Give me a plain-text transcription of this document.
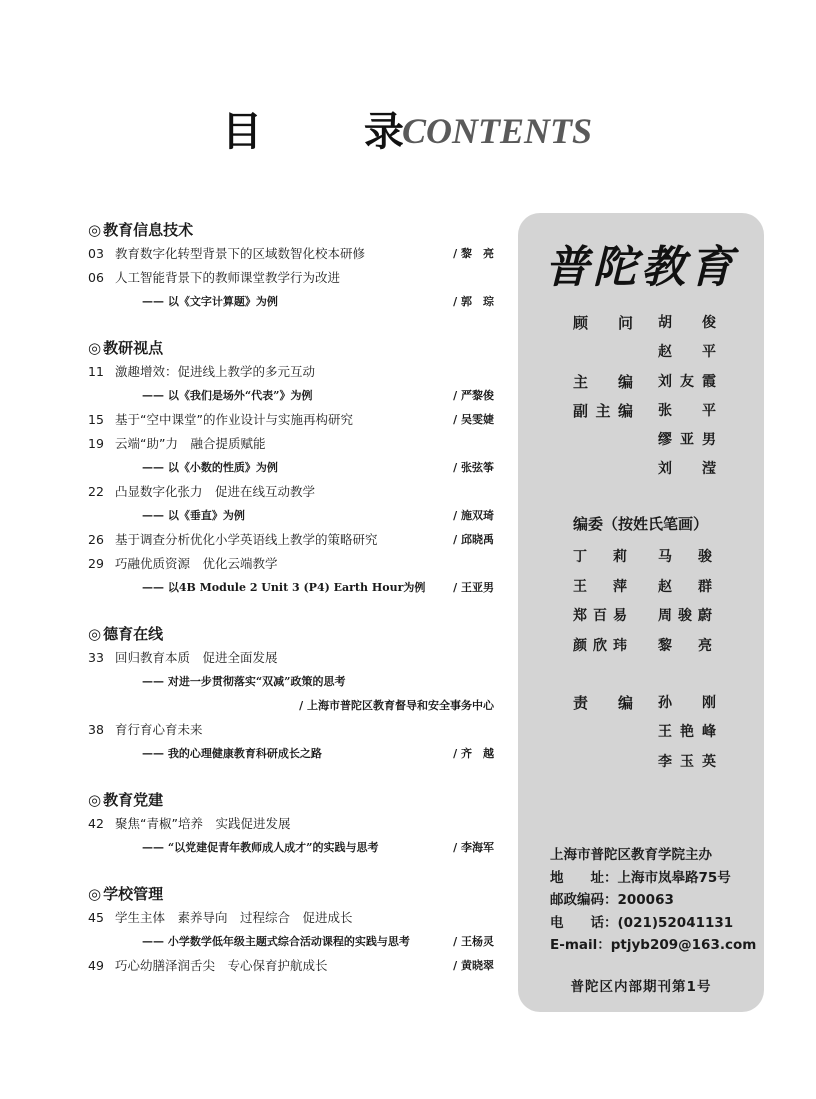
目 录
CONTENTS
◎ 教育信息技术
03 教育数字化转型背景下的区域数智化校本研修	/ 黎　亮
06 人工智能背景下的教师课堂教学行为改进
—— 以《文字计算题》为例	/ 郭　琮
◎ 教研视点
11 激趣增效：促进线上教学的多元互动
—— 以《我们是场外“代表”》为例	/ 严黎俊
15 基于“空中课堂”的作业设计与实施再构研究	/ 吴雯婕
19 云端“助”力　融合提质赋能
—— 以《小数的性质》为例	/ 张弦筝
22 凸显数字化张力　促进在线互动教学
—— 以《垂直》为例	/ 施双琦
26 基于调查分析优化小学英语线上教学的策略研究	/ 邱晓禹
29 巧融优质资源　优化云端教学
—— 以4B Module 2 Unit 3 (P4) Earth Hour为例	/ 王亚男
◎ 德育在线
33 回归教育本质　促进全面发展
—— 对进一步贯彻落实“双减”政策的思考
/ 上海市普陀区教育督导和安全事务中心
38 育行育心育未来
—— 我的心理健康教育科研成长之路	/ 齐　越
◎ 教育党建
42 聚焦“青椒”培养　实践促进发展
—— “以党建促青年教师成人成才”的实践与思考	/ 李海军
◎ 学校管理
45 学生主体　素养导向　过程综合　促进成长
—— 小学数学低年级主题式综合活动课程的实践与思考	/ 王杨灵
49 巧心幼膳泽润舌尖　专心保育护航成长	/ 黄晓翠
普陀教育
顾　问 胡　俊
赵　平
主　编 刘友霞
副主编 张　平
缪亚男
刘　滢
编委（按姓氏笔画）
丁　莉 马　骏
王　萍 赵　群
郑百易 周骏蔚
颜欣玮 黎　亮
责　编 孙　刚
王艳峰
李玉英
上海市普陀区教育学院主办
地　　址：上海市岚皋路75号
邮政编码：200063
电　　话：(021)52041131
E-mail：ptjyb209@163.com
普陀区内部期刊第1号
